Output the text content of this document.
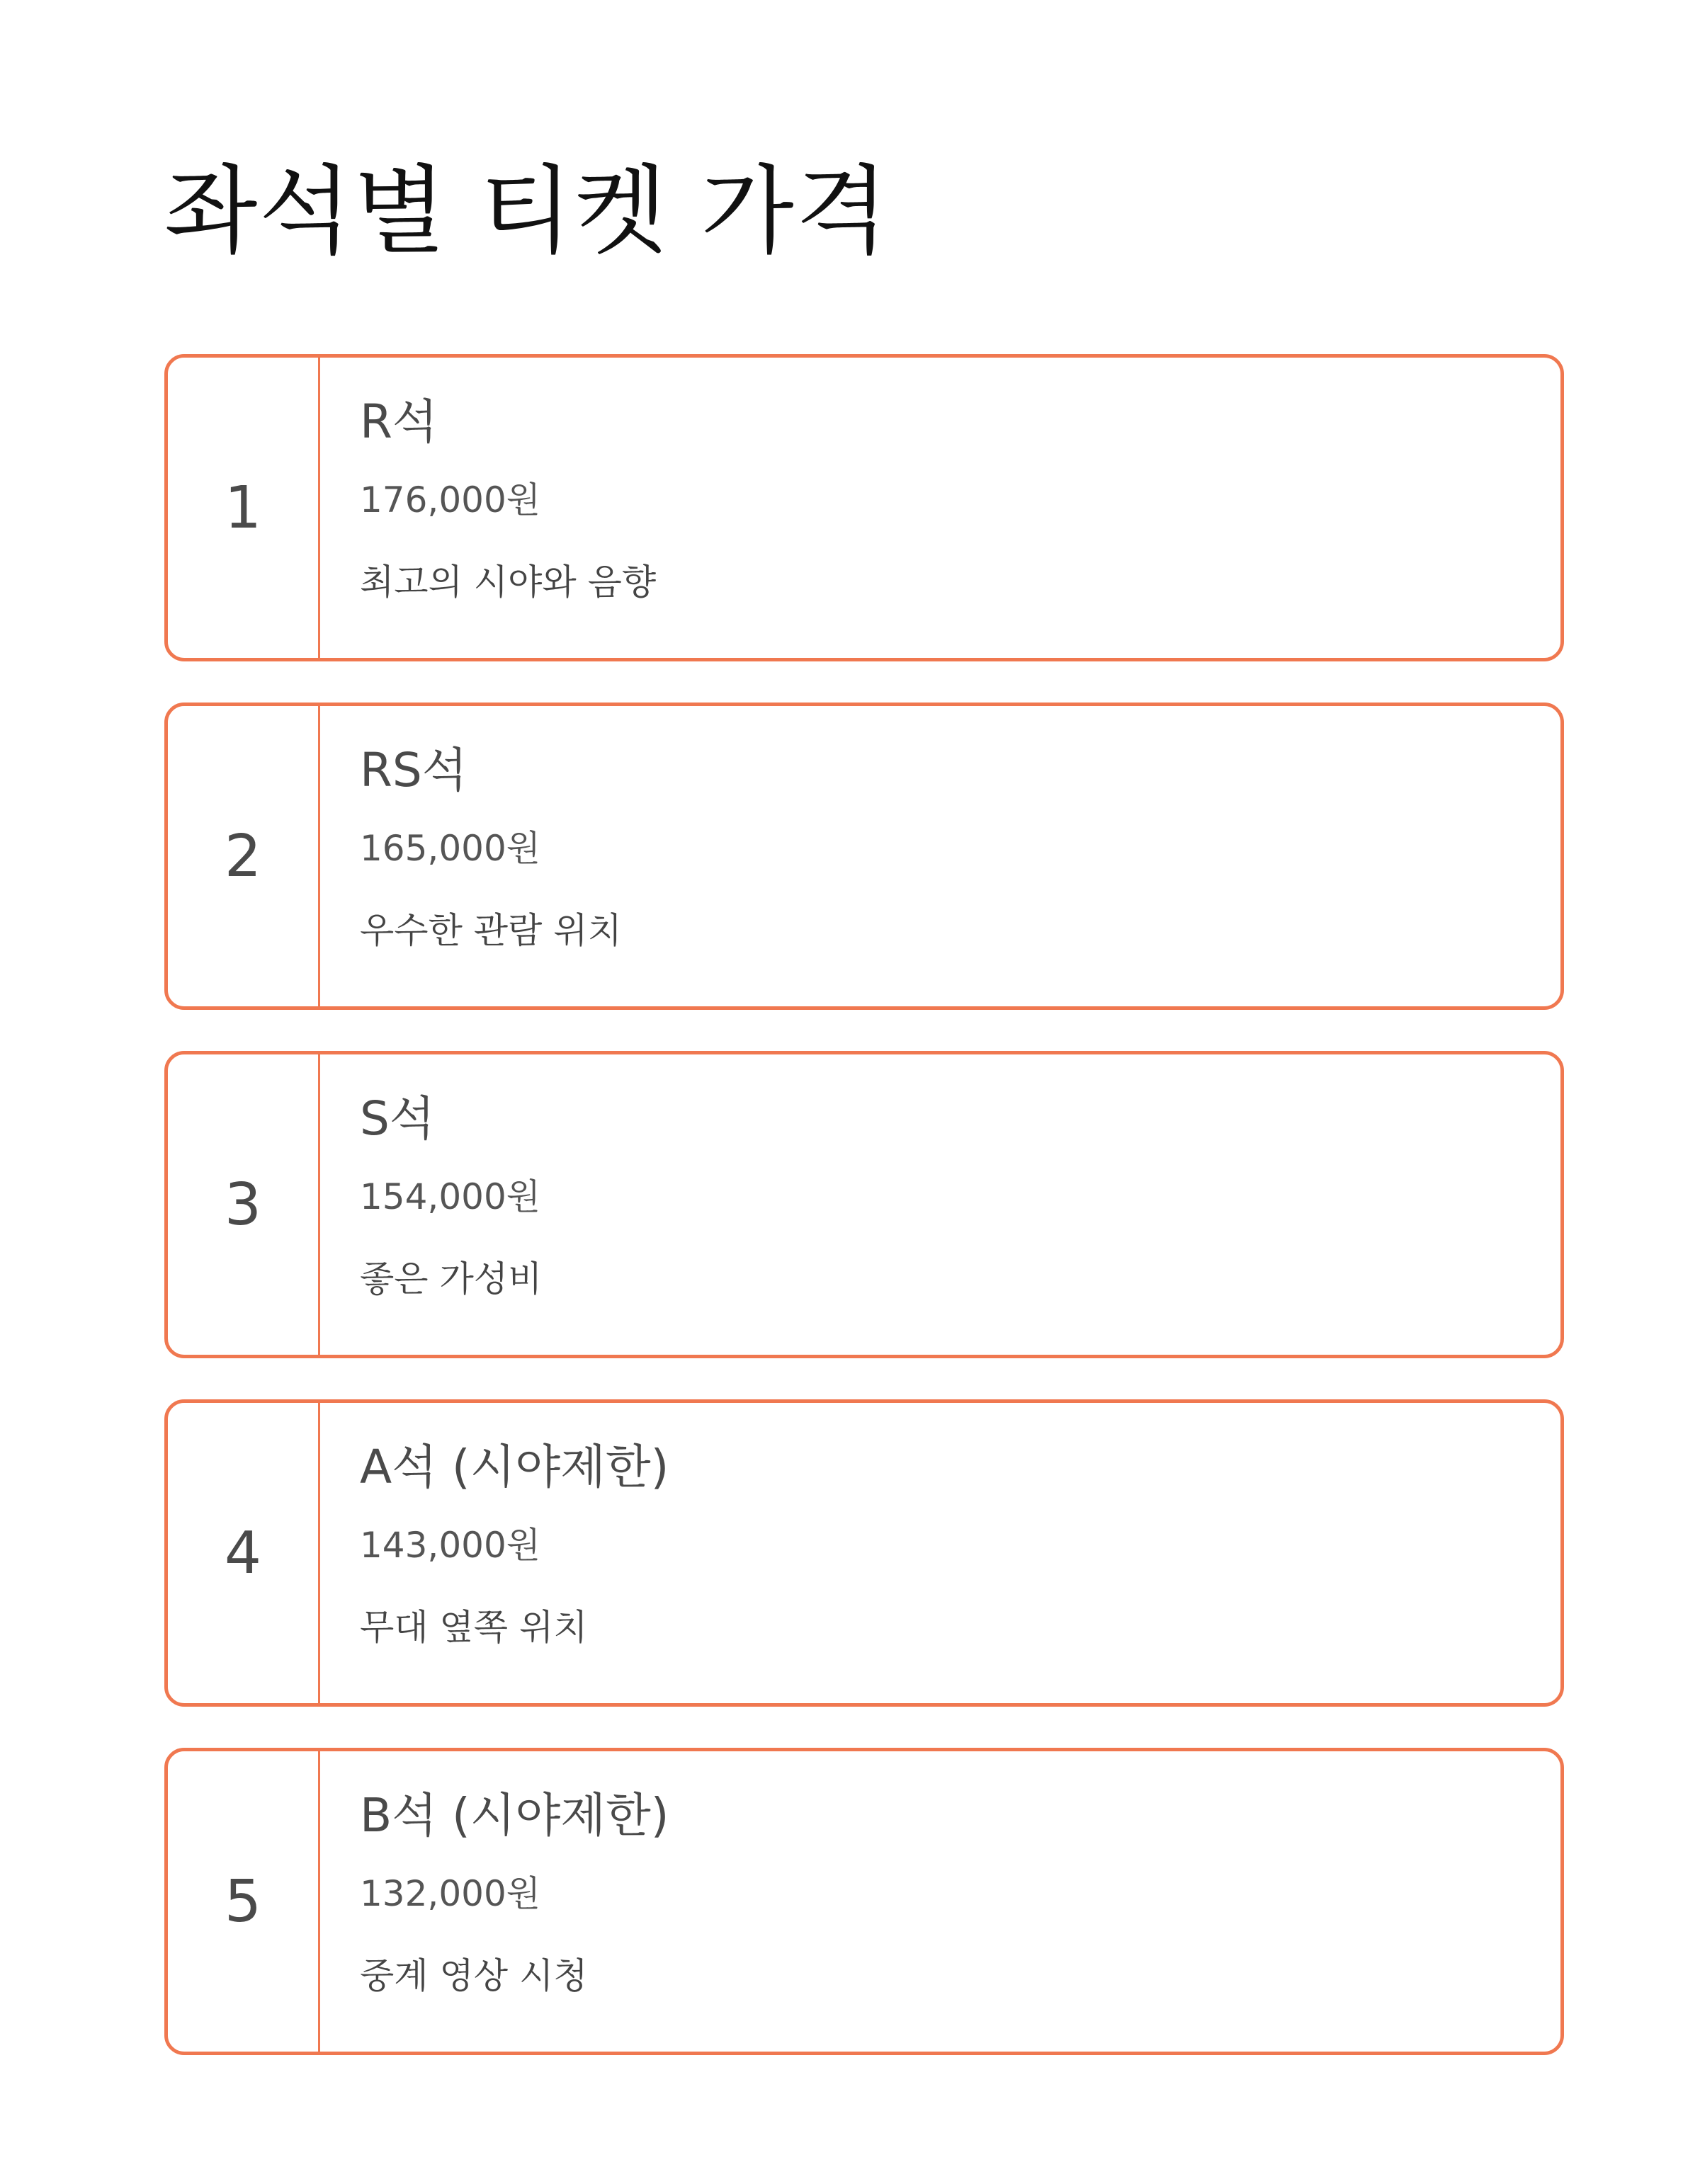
좌석별 티켓 가격
1
R석
176,000원
최고의 시야와 음향
2
RS석
165,000원
우수한 관람 위치
3
S석
154,000원
좋은 가성비
4
A석 (시야제한)
143,000원
무대 옆쪽 위치
5
B석 (시야제한)
132,000원
중계 영상 시청
